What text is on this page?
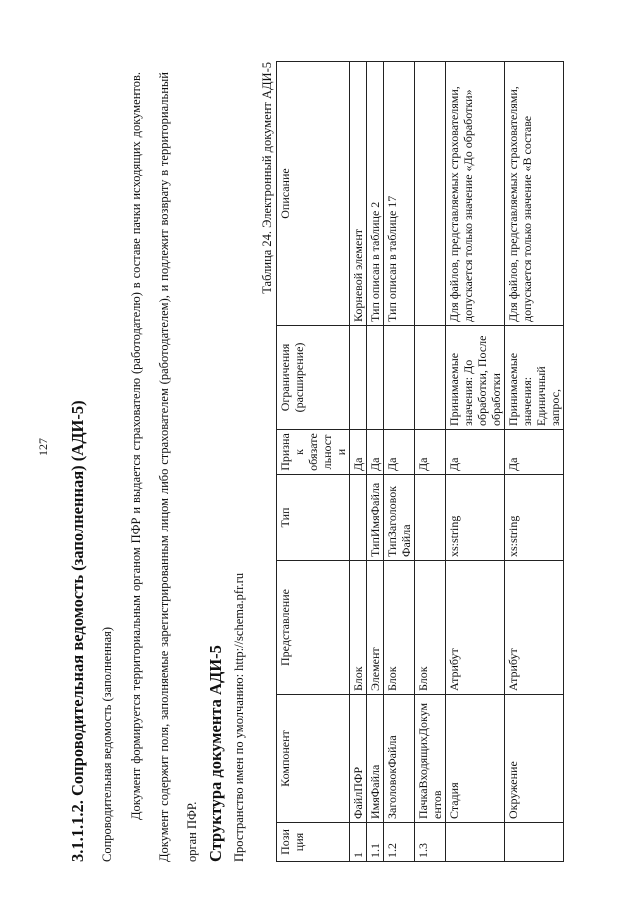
127 3.1.1.1.2. Сопроводительная ведомость (заполненная) (АДИ-5) Сопроводительная ведомость (заполненная)	Документ формируется территориальным органом ПФР и выдается страхователю (работодателю) в составе пачки исходящих документов. Документ содержит поля, заполняемые зарегистрированным лицом либо страхователем (работодателем), и подлежит возврату в территориальный орган ПФР. Структура документа АДИ-5 Пространство имен по умолчанию: http://schema.pfr.ru
Таблица 24. Электронный документ АДИ-5
Позиция	Компонент	Представление	Тип	Признак обязательности	Ограничения (расширение)	Описание
1	ФайлПФР	Блок		Да		Корневой элемент
1.1	ИмяФайла	Элемент	ТипИмяФайла	Да		Тип описан в таблице 2
1.2	ЗаголовокФайла	Блок	ТипЗаголовокФайла	Да		Тип описан в таблице 17
1.3	ПачкаВходящихДокументов	Блок		Да		
	Стадия	Атрибут	xs:string	Да	Принимаемые значения: До обработки, После обработки	Для файлов, представляемых страхователями, допускается только значение «До обработки»
	Окружение	Атрибут	xs:string	Да	Принимаемые значения: Единичный запрос,	Для файлов, представляемых страхователями, допускается только значение «В составе
